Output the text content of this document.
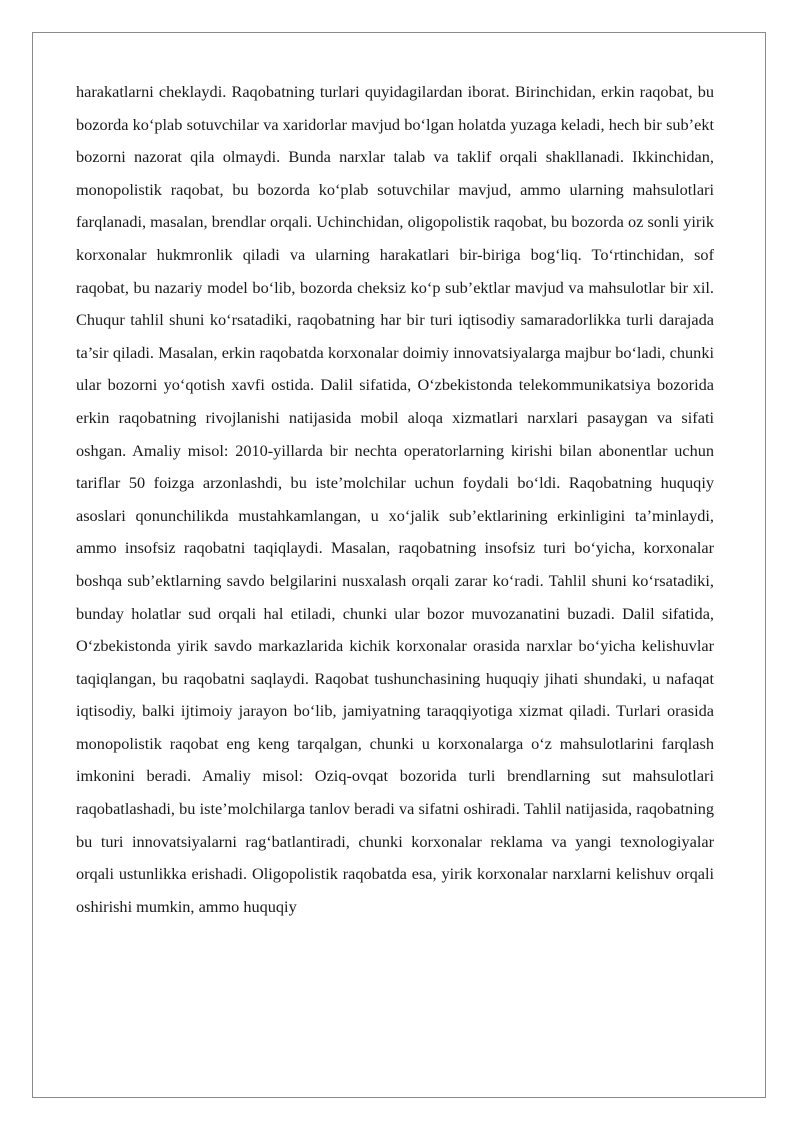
harakatlarni cheklaydi. Raqobatning turlari quyidagilardan iborat. Birinchidan, erkin raqobat, bu bozorda ko‘plab sotuvchilar va xaridorlar mavjud bo‘lgan holatda yuzaga keladi, hech bir sub’ekt bozorni nazorat qila olmaydi. Bunda narxlar talab va taklif orqali shakllanadi. Ikkinchidan, monopolistik raqobat, bu bozorda ko‘plab sotuvchilar mavjud, ammo ularning mahsulotlari farqlanadi, masalan, brendlar orqali. Uchinchidan, oligopolistik raqobat, bu bozorda oz sonli yirik korxonalar hukmronlik qiladi va ularning harakatlari bir-biriga bog‘liq. To‘rtinchidan, sof raqobat, bu nazariy model bo‘lib, bozorda cheksiz ko‘p sub’ektlar mavjud va mahsulotlar bir xil. Chuqur tahlil shuni ko‘rsatadiki, raqobatning har bir turi iqtisodiy samaradorlikka turli darajada ta’sir qiladi. Masalan, erkin raqobatda korxonalar doimiy innovatsiyalarga majbur bo‘ladi, chunki ular bozorni yo‘qotish xavfi ostida. Dalil sifatida, O‘zbekistonda telekommunikatsiya bozorida erkin raqobatning rivojlanishi natijasida mobil aloqa xizmatlari narxlari pasaygan va sifati oshgan. Amaliy misol: 2010-yillarda bir nechta operatorlarning kirishi bilan abonentlar uchun tariflar 50 foizga arzonlashdi, bu iste’molchilar uchun foydali bo‘ldi. Raqobatning huquqiy asoslari qonunchilikda mustahkamlangan, u xo‘jalik sub’ektlarining erkinligini ta’minlaydi, ammo insofsiz raqobatni taqiqlaydi. Masalan, raqobatning insofsiz turi bo‘yicha, korxonalar boshqa sub’ektlarning savdo belgilarini nusxalash orqali zarar ko‘radi. Tahlil shuni ko‘rsatadiki, bunday holatlar sud orqali hal etiladi, chunki ular bozor muvozanatini buzadi. Dalil sifatida, O‘zbekistonda yirik savdo markazlarida kichik korxonalar orasida narxlar bo‘yicha kelishuvlar taqiqlangan, bu raqobatni saqlaydi. Raqobat tushunchasining huquqiy jihati shundaki, u nafaqat iqtisodiy, balki ijtimoiy jarayon bo‘lib, jamiyatning taraqqiyotiga xizmat qiladi. Turlari orasida monopolistik raqobat eng keng tarqalgan, chunki u korxonalarga o‘z mahsulotlarini farqlash imkonini beradi. Amaliy misol: Oziq-ovqat bozorida turli brendlarning sut mahsulotlari raqobatlashadi, bu iste’molchilarga tanlov beradi va sifatni oshiradi. Tahlil natijasida, raqobatning bu turi innovatsiyalarni rag‘batlantiradi, chunki korxonalar reklama va yangi texnologiyalar orqali ustunlikka erishadi. Oligopolistik raqobatda esa, yirik korxonalar narxlarni kelishuv orqali oshirishi mumkin, ammo huquqiy
